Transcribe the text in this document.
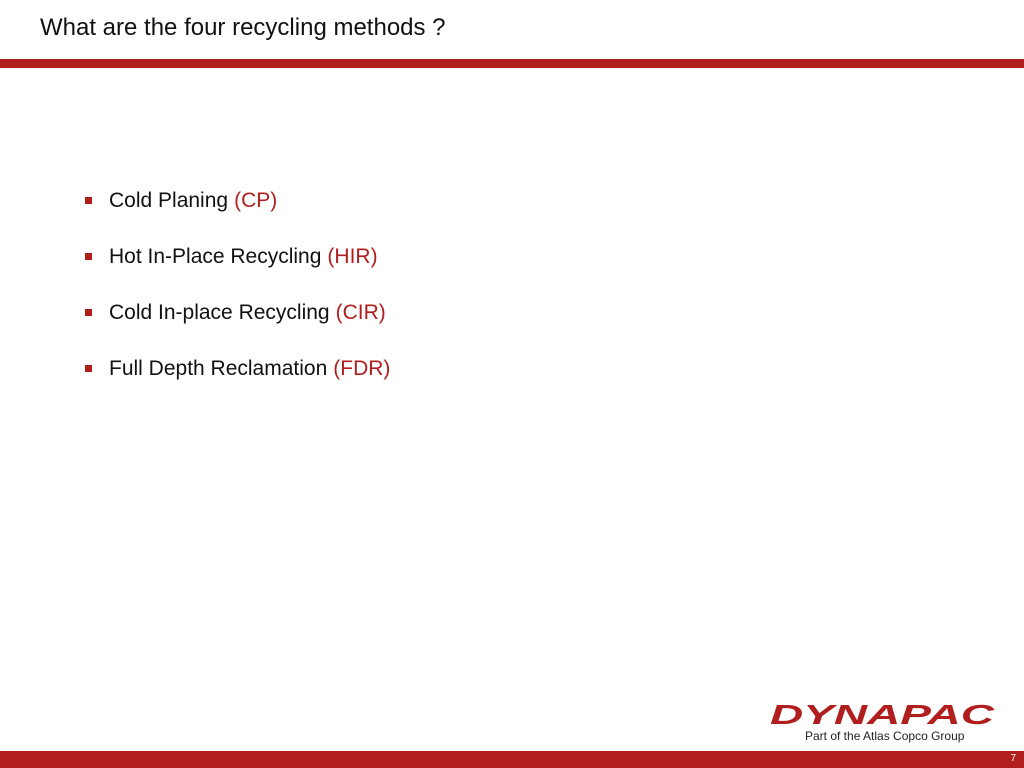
What are the four recycling methods ?
Cold Planing (CP)
Hot In-Place Recycling (HIR)
Cold In-place Recycling (CIR)
Full Depth Reclamation (FDR)
DYNAPAC
Part of the Atlas Copco Group
7
